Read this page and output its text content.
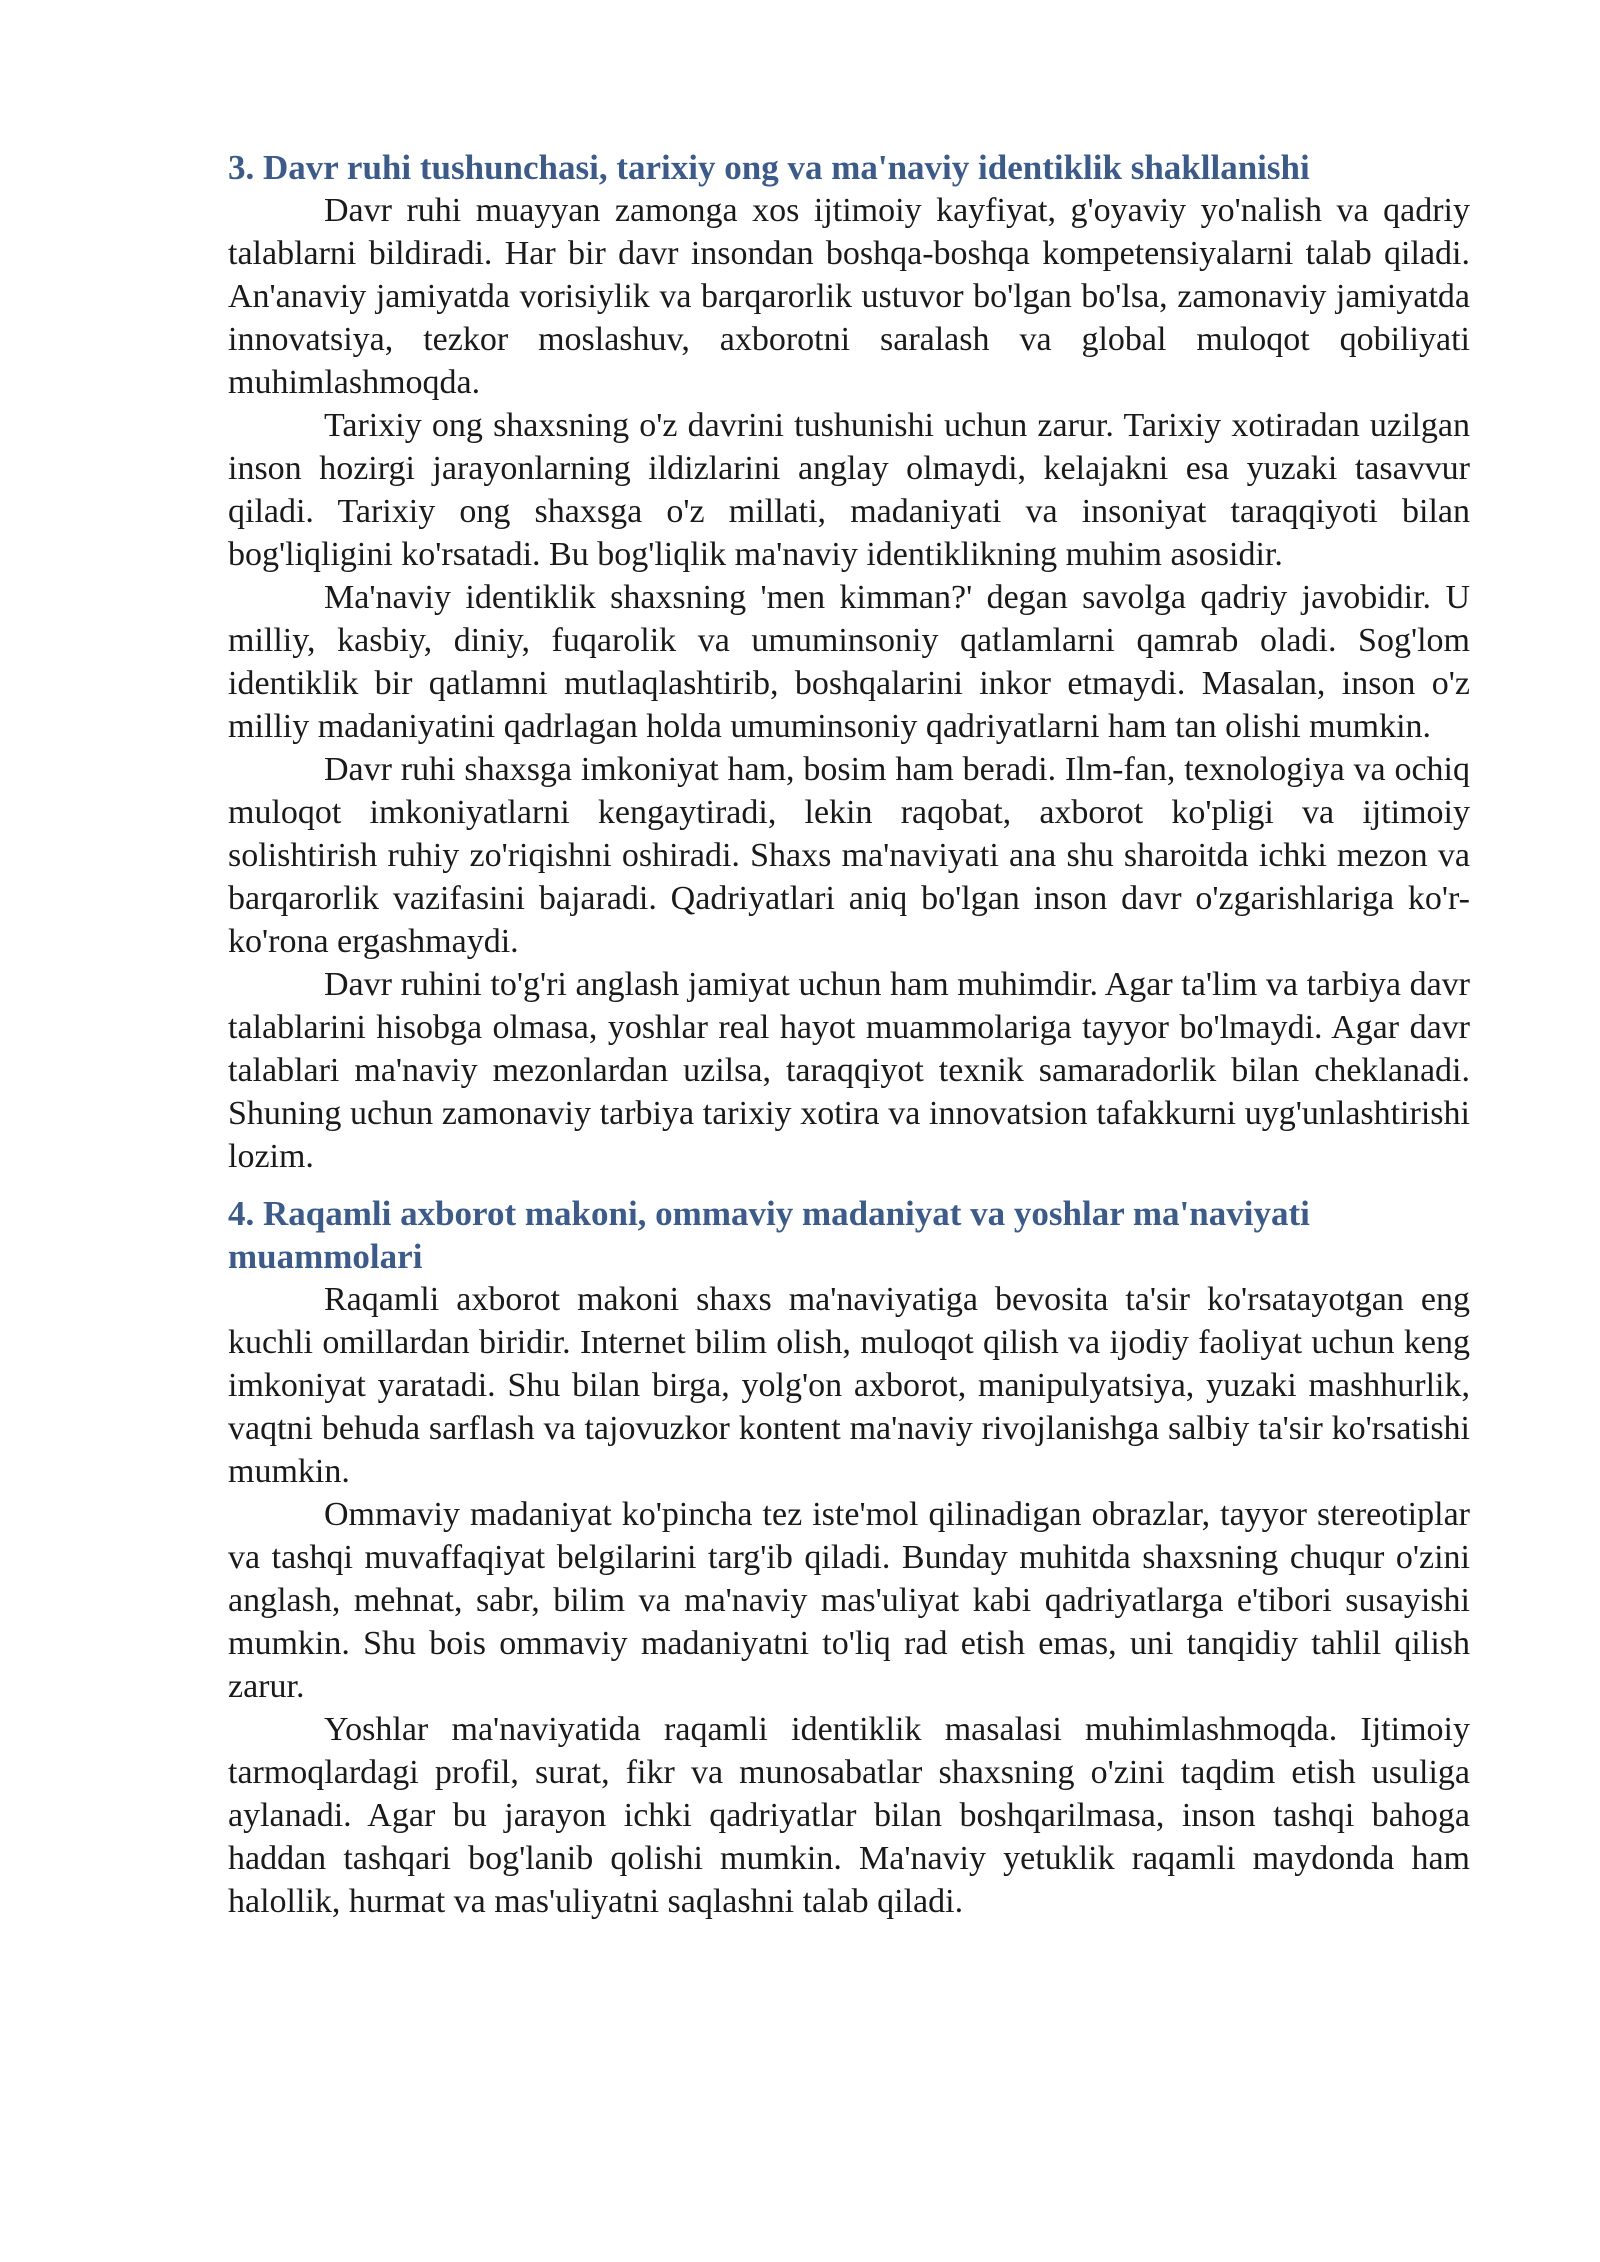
3. Davr ruhi tushunchasi, tarixiy ong va ma'naviy identiklik shakllanishi

Davr ruhi muayyan zamonga xos ijtimoiy kayfiyat, g'oyaviy yo'nalish va qadriy talablarni bildiradi. Har bir davr insondan boshqa-boshqa kompetensiyalarni talab qiladi. An'anaviy jamiyatda vorisiylik va barqarorlik ustuvor bo'lgan bo'lsa, zamonaviy jamiyatda innovatsiya, tezkor moslashuv, axborotni saralash va global muloqot qobiliyati muhimlashmoqda.

Tarixiy ong shaxsning o'z davrini tushunishi uchun zarur. Tarixiy xotiradan uzilgan inson hozirgi jarayonlarning ildizlarini anglay olmaydi, kelajakni esa yuzaki tasavvur qiladi. Tarixiy ong shaxsga o'z millati, madaniyati va insoniyat taraqqiyoti bilan bog'liqligini ko'rsatadi. Bu bog'liqlik ma'naviy identiklikning muhim asosidir.

Ma'naviy identiklik shaxsning 'men kimman?' degan savolga qadriy javobidir. U milliy, kasbiy, diniy, fuqarolik va umuminsoniy qatlamlarni qamrab oladi. Sog'lom identiklik bir qatlamni mutlaqlashtirib, boshqalarini inkor etmaydi. Masalan, inson o'z milliy madaniyatini qadrlagan holda umuminsoniy qadriyatlarni ham tan olishi mumkin.

Davr ruhi shaxsga imkoniyat ham, bosim ham beradi. Ilm-fan, texnologiya va ochiq muloqot imkoniyatlarni kengaytiradi, lekin raqobat, axborot ko'pligi va ijtimoiy solishtirish ruhiy zo'riqishni oshiradi. Shaxs ma'naviyati ana shu sharoitda ichki mezon va barqarorlik vazifasini bajaradi. Qadriyatlari aniq bo'lgan inson davr o'zgarishlariga ko'r-ko'rona ergashmaydi.

Davr ruhini to'g'ri anglash jamiyat uchun ham muhimdir. Agar ta'lim va tarbiya davr talablarini hisobga olmasa, yoshlar real hayot muammolariga tayyor bo'lmaydi. Agar davr talablari ma'naviy mezonlardan uzilsa, taraqqiyot texnik samaradorlik bilan cheklanadi. Shuning uchun zamonaviy tarbiya tarixiy xotira va innovatsion tafakkurni uyg'unlashtirishi lozim.

4. Raqamli axborot makoni, ommaviy madaniyat va yoshlar ma'naviyati muammolari

Raqamli axborot makoni shaxs ma'naviyatiga bevosita ta'sir ko'rsatayotgan eng kuchli omillardan biridir. Internet bilim olish, muloqot qilish va ijodiy faoliyat uchun keng imkoniyat yaratadi. Shu bilan birga, yolg'on axborot, manipulyatsiya, yuzaki mashhurlik, vaqtni behuda sarflash va tajovuzkor kontent ma'naviy rivojlanishga salbiy ta'sir ko'rsatishi mumkin.

Ommaviy madaniyat ko'pincha tez iste'mol qilinadigan obrazlar, tayyor stereotiplar va tashqi muvaffaqiyat belgilarini targ'ib qiladi. Bunday muhitda shaxsning chuqur o'zini anglash, mehnat, sabr, bilim va ma'naviy mas'uliyat kabi qadriyatlarga e'tibori susayishi mumkin. Shu bois ommaviy madaniyatni to'liq rad etish emas, uni tanqidiy tahlil qilish zarur.

Yoshlar ma'naviyatida raqamli identiklik masalasi muhimlashmoqda. Ijtimoiy tarmoqlardagi profil, surat, fikr va munosabatlar shaxsning o'zini taqdim etish usuliga aylanadi. Agar bu jarayon ichki qadriyatlar bilan boshqarilmasa, inson tashqi bahoga haddan tashqari bog'lanib qolishi mumkin. Ma'naviy yetuklik raqamli maydonda ham halollik, hurmat va mas'uliyatni saqlashni talab qiladi.
